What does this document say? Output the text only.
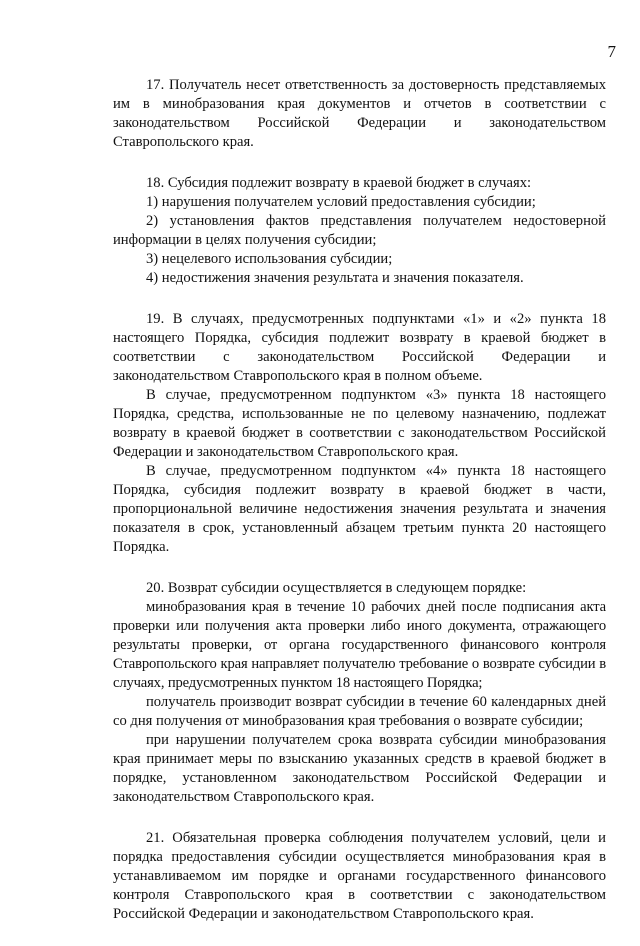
7

17. Получатель несет ответственность за достоверность представляемых им в минобразования края документов и отчетов в соответствии с законодательством Российской Федерации и законодательством Ставропольского края.

18. Субсидия подлежит возврату в краевой бюджет в случаях:

1) нарушения получателем условий предоставления субсидии;

2) установления фактов представления получателем недостоверной информации в целях получения субсидии;

3) нецелевого использования субсидии;

4) недостижения значения результата и значения показателя.

19. В случаях, предусмотренных подпунктами «1» и «2» пункта 18 настоящего Порядка, субсидия подлежит возврату в краевой бюджет в соответствии с законодательством Российской Федерации и законодательством Ставропольского края в полном объеме.

В случае, предусмотренном подпунктом «3» пункта 18 настоящего Порядка, средства, использованные не по целевому назначению, подлежат возврату в краевой бюджет в соответствии с законодательством Российской Федерации и законодательством Ставропольского края.

В случае, предусмотренном подпунктом «4» пункта 18 настоящего Порядка, субсидия подлежит возврату в краевой бюджет в части, пропорциональной величине недостижения значения результата и значения показателя в срок, установленный абзацем третьим пункта 20 настоящего Порядка.

20. Возврат субсидии осуществляется в следующем порядке:

минобразования края в течение 10 рабочих дней после подписания акта проверки или получения акта проверки либо иного документа, отражающего результаты проверки, от органа государственного финансового контроля Ставропольского края направляет получателю требование о возврате субсидии в случаях, предусмотренных пунктом 18 настоящего Порядка;

получатель производит возврат субсидии в течение 60 календарных дней со дня получения от минобразования края требования о возврате субсидии;

при нарушении получателем срока возврата субсидии минобразования края принимает меры по взысканию указанных средств в краевой бюджет в порядке, установленном законодательством Российской Федерации и законодательством Ставропольского края.

21. Обязательная проверка соблюдения получателем условий, цели и порядка предоставления субсидии осуществляется минобразования края в устанавливаемом им порядке и органами государственного финансового контроля Ставропольского края в соответствии с законодательством Российской Федерации и законодательством Ставропольского края.
